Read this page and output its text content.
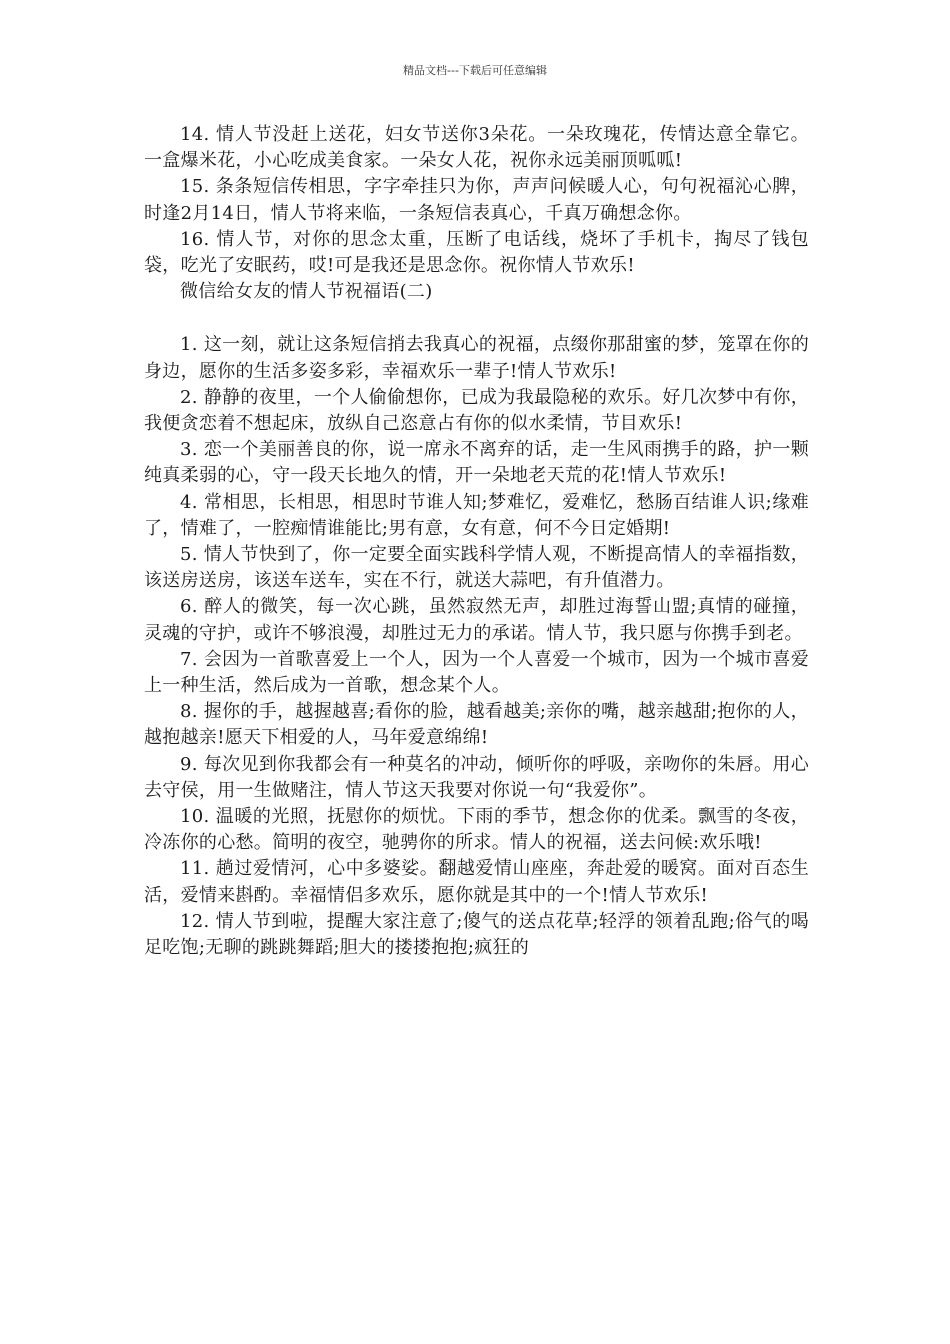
精品文档---下载后可任意编辑

14. 情人节没赶上送花，妇女节送你3朵花。一朵玫瑰花，传情达意全靠它。一盒爆米花，小心吃成美食家。一朵女人花，祝你永远美丽顶呱呱!

15. 条条短信传相思，字字牵挂只为你，声声问候暖人心，句句祝福沁心脾，时逢2月14日，情人节将来临，一条短信表真心，千真万确想念你。

16. 情人节，对你的思念太重，压断了电话线，烧坏了手机卡，掏尽了钱包袋，吃光了安眠药，哎!可是我还是思念你。祝你情人节欢乐!

微信给女友的情人节祝福语(二)

1. 这一刻，就让这条短信捎去我真心的祝福，点缀你那甜蜜的梦，笼罩在你的身边，愿你的生活多姿多彩，幸福欢乐一辈子!情人节欢乐!

2. 静静的夜里，一个人偷偷想你，已成为我最隐秘的欢乐。好几次梦中有你，我便贪恋着不想起床，放纵自己恣意占有你的似水柔情，节目欢乐!

3. 恋一个美丽善良的你，说一席永不离弃的话，走一生风雨携手的路，护一颗纯真柔弱的心，守一段天长地久的情，开一朵地老天荒的花!情人节欢乐!

4. 常相思，长相思，相思时节谁人知;梦难忆，爱难忆，愁肠百结谁人识;缘难了，情难了，一腔痴情谁能比;男有意，女有意，何不今日定婚期!

5. 情人节快到了，你一定要全面实践科学情人观，不断提高情人的幸福指数，该送房送房，该送车送车，实在不行，就送大蒜吧，有升值潜力。

6. 醉人的微笑，每一次心跳，虽然寂然无声，却胜过海誓山盟;真情的碰撞，灵魂的守护，或许不够浪漫，却胜过无力的承诺。情人节，我只愿与你携手到老。

7. 会因为一首歌喜爱上一个人，因为一个人喜爱一个城市，因为一个城市喜爱上一种生活，然后成为一首歌，想念某个人。

8. 握你的手，越握越喜;看你的脸，越看越美;亲你的嘴，越亲越甜;抱你的人，越抱越亲!愿天下相爱的人，马年爱意绵绵!

9. 每次见到你我都会有一种莫名的冲动，倾听你的呼吸，亲吻你的朱唇。用心去守侯，用一生做赌注，情人节这天我要对你说一句“我爱你”。

10. 温暖的光照，抚慰你的烦忧。下雨的季节，想念你的优柔。飘雪的冬夜，冷冻你的心愁。简明的夜空，驰骋你的所求。情人的祝福，送去问候:欢乐哦!

11. 趟过爱情河，心中多婆娑。翻越爱情山座座，奔赴爱的暖窝。面对百态生活，爱情来斟酌。幸福情侣多欢乐，愿你就是其中的一个!情人节欢乐!

12. 情人节到啦，提醒大家注意了;傻气的送点花草;轻浮的领着乱跑;俗气的喝足吃饱;无聊的跳跳舞蹈;胆大的搂搂抱抱;疯狂的
